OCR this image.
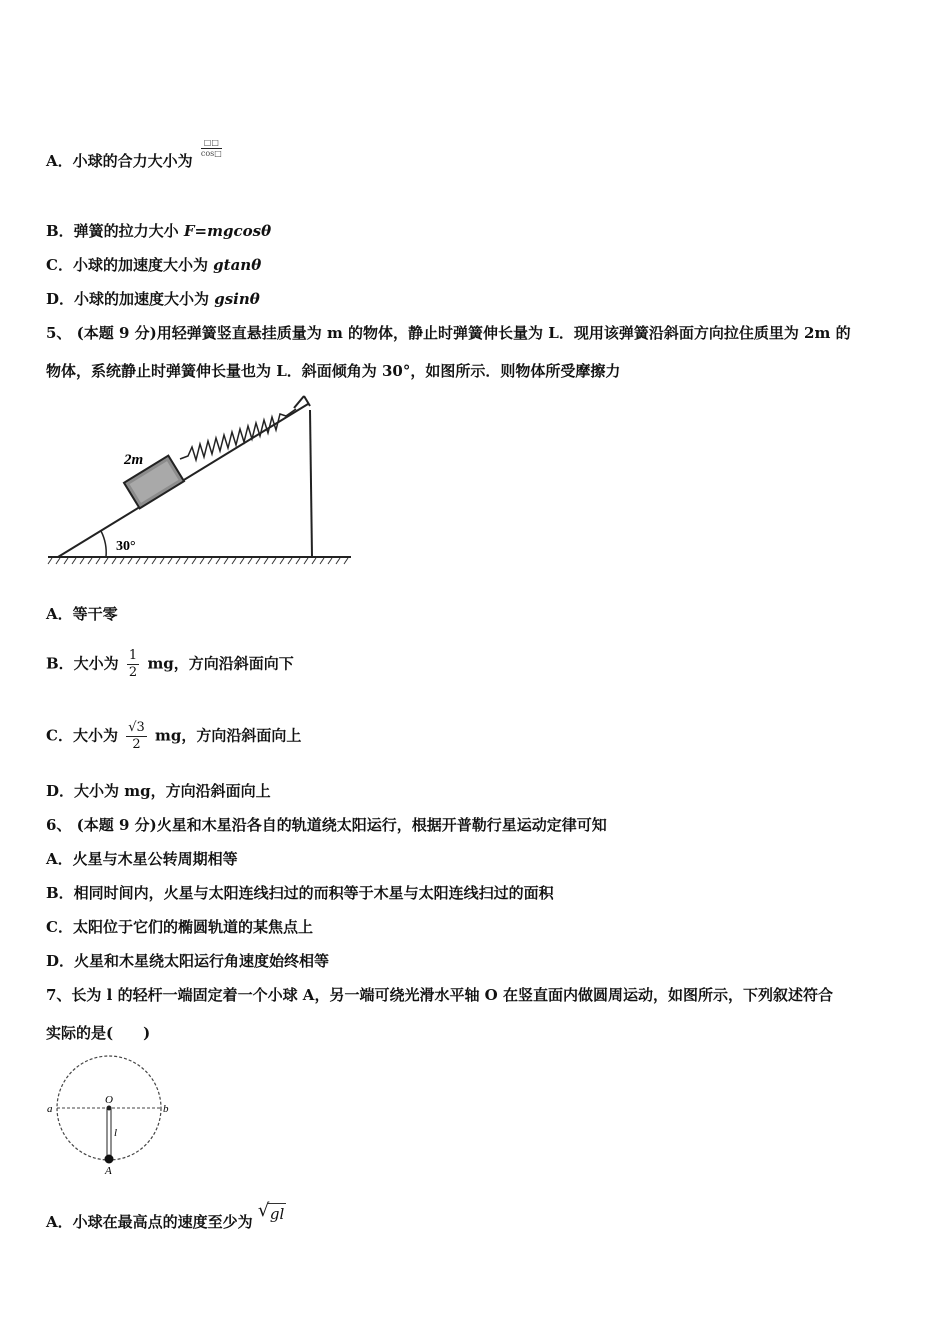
A．小球的合力大小为
$\frac{□□}{\cos□}$
B．弹簧的拉力大小 F=mgcosθ
C．小球的加速度大小为 gtanθ
D．小球的加速度大小为 gsinθ
5、 (本题 9 分)用轻弹簧竖直悬挂质量为 m 的物体，静止时弹簧伸长量为 L．现用该弹簧沿斜面方向拉住质里为 2m 的
物体，系统静止时弹簧伸长量也为 L．斜面倾角为 30°，如图所示．则物体所受摩擦力
30°
2m
A．等干零
B．大小为 $\frac{1}{2}$ mg，方向沿斜面向下
C．大小为 $\frac{√3}{2}$ mg，方向沿斜面向上
D．大小为 mg，方向沿斜面向上
6、 (本题 9 分)火星和木星沿各自的轨道绕太阳运行，根据开普勒行星运动定律可知
A．火星与木星公转周期相等
B．相同时间内，火星与太阳连线扫过的而积等于木星与太阳连线扫过的面积
C．太阳位于它们的椭圆轨道的某焦点上
D．火星和木星绕太阳运行角速度始终相等
7、长为 l 的轻杆一端固定着一个小球 A，另一端可绕光滑水平轴 O 在竖直面内做圆周运动，如图所示，下列叙述符合
实际的是(　　)
a	b
O
l
A
A．小球在最高点的速度至少为
√ gl
